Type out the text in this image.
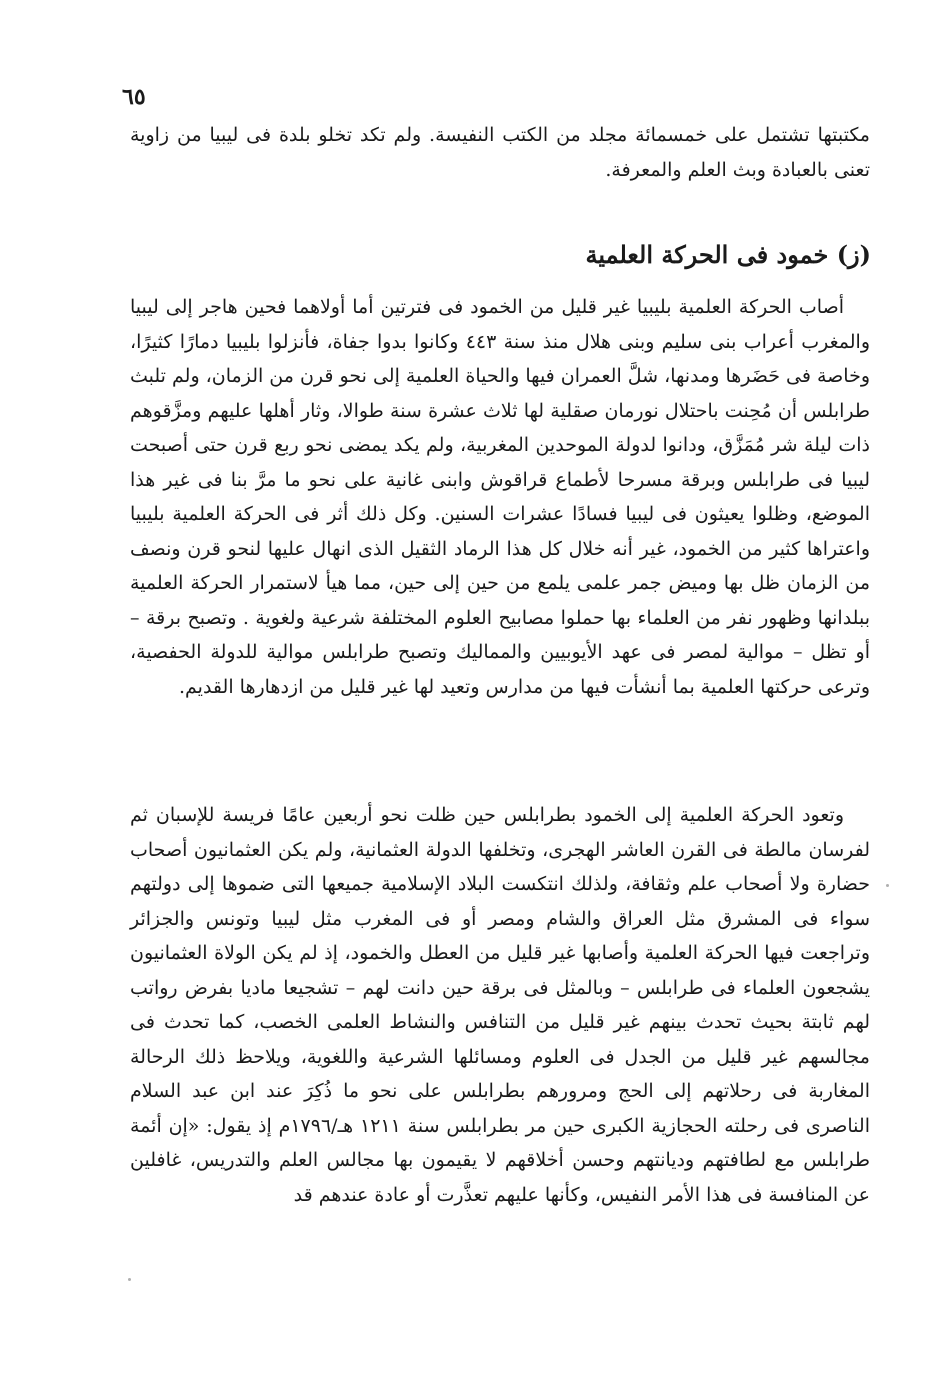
٦٥

مكتبتها تشتمل على خمسمائة مجلد من الكتب النفيسة. ولم تكد تخلو بلدة فى ليبيا من زاوية تعنى بالعبادة وبث العلم والمعرفة.

(ز) خمود فى الحركة العلمية

أصاب الحركة العلمية بليبيا غير قليل من الخمود فى فترتين أما أولاهما فحين هاجر إلى ليبيا والمغرب أعراب بنى سليم وبنى هلال منذ سنة ٤٤٣ وكانوا بدوا جفاة، فأنزلوا بليبيا دمارًا كثيرًا، وخاصة فى حَضَرها ومدنها، شلَّ العمران فيها والحياة العلمية إلى نحو قرن من الزمان، ولم تلبث طرابلس أن مُحِنت باحتلال نورمان صقلية لها ثلاث عشرة سنة طوالا، وثار أهلها عليهم ومزَّقوهم ذات ليلة شر مُمَزَّق، ودانوا لدولة الموحدين المغربية، ولم يكد يمضى نحو ربع قرن حتى أصبحت ليبيا فى طرابلس وبرقة مسرحا لأطماع قراقوش وابنى غانية على نحو ما مرَّ بنا فى غير هذا الموضع، وظلوا يعيثون فى ليبيا فسادًا عشرات السنين. وكل ذلك أثر فى الحركة العلمية بليبيا واعتراها كثير من الخمود، غير أنه خلال كل هذا الرماد الثقيل الذى انهال عليها لنحو قرن ونصف من الزمان ظل بها وميض جمر علمى يلمع من حين إلى حين، مما هيأ لاستمرار الحركة العلمية ببلدانها وظهور نفر من العلماء بها حملوا مصابيح العلوم المختلفة شرعية ولغوية . وتصبح برقة – أو تظل – موالية لمصر فى عهد الأيوبيين والمماليك وتصبح طرابلس موالية للدولة الحفصية، وترعى حركتها العلمية بما أنشأت فيها من مدارس وتعيد لها غير قليل من ازدهارها القديم.

وتعود الحركة العلمية إلى الخمود بطرابلس حين ظلت نحو أربعين عامًا فريسة للإسبان ثم لفرسان مالطة فى القرن العاشر الهجرى، وتخلفها الدولة العثمانية، ولم يكن العثمانيون أصحاب حضارة ولا أصحاب علم وثقافة، ولذلك انتكست البلاد الإسلامية جميعها التى ضموها إلى دولتهم سواء فى المشرق مثل العراق والشام ومصر أو فى المغرب مثل ليبيا وتونس والجزائر وتراجعت فيها الحركة العلمية وأصابها غير قليل من العطل والخمود، إذ لم يكن الولاة العثمانيون يشجعون العلماء فى طرابلس – وبالمثل فى برقة حين دانت لهم – تشجيعا ماديا بفرض رواتب لهم ثابتة بحيث تحدث بينهم غير قليل من التنافس والنشاط العلمى الخصب، كما تحدث فى مجالسهم غير قليل من الجدل فى العلوم ومسائلها الشرعية واللغوية، ويلاحظ ذلك الرحالة المغاربة فى رحلاتهم إلى الحج ومرورهم بطرابلس على نحو ما ذُكِرَ عند ابن عبد السلام الناصرى فى رحلته الحجازية الكبرى حين مر بطرابلس سنة ١٢١١ هـ/١٧٩٦م إذ يقول: «إن أئمة طرابلس مع لطافتهم وديانتهم وحسن أخلاقهم لا يقيمون بها مجالس العلم والتدريس، غافلين عن المنافسة فى هذا الأمر النفيس، وكأنها عليهم تعذَّرت أو عادة عندهم قد
